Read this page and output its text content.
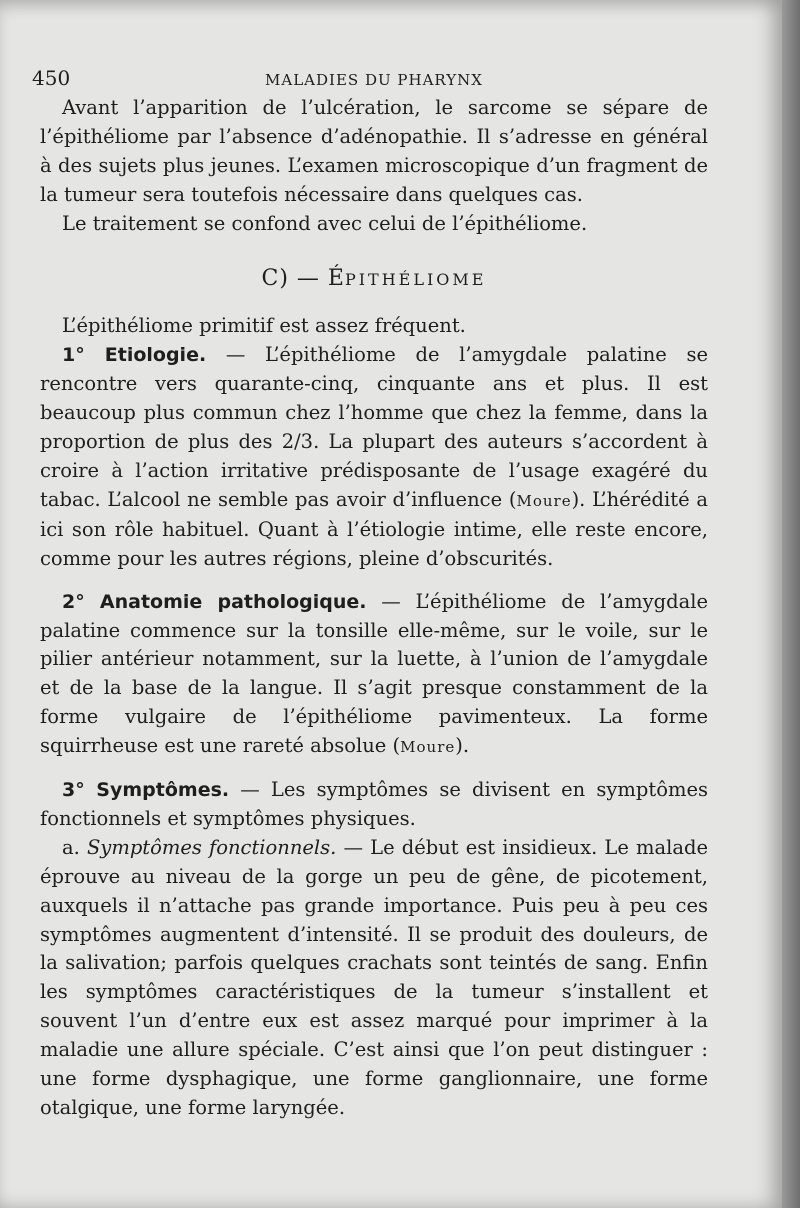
450	MALADIES DU PHARYNX

Avant l’apparition de l’ulcération, le sarcome se sépare de l’épithéliome par l’absence d’adénopathie. Il s’adresse en général à des sujets plus jeunes. L’examen microscopique d’un fragment de la tumeur sera toutefois nécessaire dans quelques cas.

Le traitement se confond avec celui de l’épithéliome.

C) — ÉPITHÉLIOME

L’épithéliome primitif est assez fréquent.

1° Etiologie. — L’épithéliome de l’amygdale palatine se rencontre vers quarante-cinq, cinquante ans et plus. Il est beaucoup plus commun chez l’homme que chez la femme, dans la proportion de plus des 2/3. La plupart des auteurs s’accordent à croire à l’action irritative prédisposante de l’usage exagéré du tabac. L’alcool ne semble pas avoir d’influence (Moure). L’hérédité a ici son rôle habituel. Quant à l’étiologie intime, elle reste encore, comme pour les autres régions, pleine d’obscurités.

2° Anatomie pathologique. — L’épithéliome de l’amygdale palatine commence sur la tonsille elle-même, sur le voile, sur le pilier antérieur notamment, sur la luette, à l’union de l’amygdale et de la base de la langue. Il s’agit presque constamment de la forme vulgaire de l’épithéliome pavimenteux. La forme squirrheuse est une rareté absolue (Moure).

3° Symptômes. — Les symptômes se divisent en symptômes fonctionnels et symptômes physiques.

a. Symptômes fonctionnels. — Le début est insidieux. Le malade éprouve au niveau de la gorge un peu de gêne, de picotement, auxquels il n’attache pas grande importance. Puis peu à peu ces symptômes augmentent d’intensité. Il se produit des douleurs, de la salivation; parfois quelques crachats sont teintés de sang. Enfin les symptômes caractéristiques de la tumeur s’installent et souvent l’un d’entre eux est assez marqué pour imprimer à la maladie une allure spéciale. C’est ainsi que l’on peut distinguer : une forme dysphagique, une forme ganglionnaire, une forme otalgique, une forme laryngée.
